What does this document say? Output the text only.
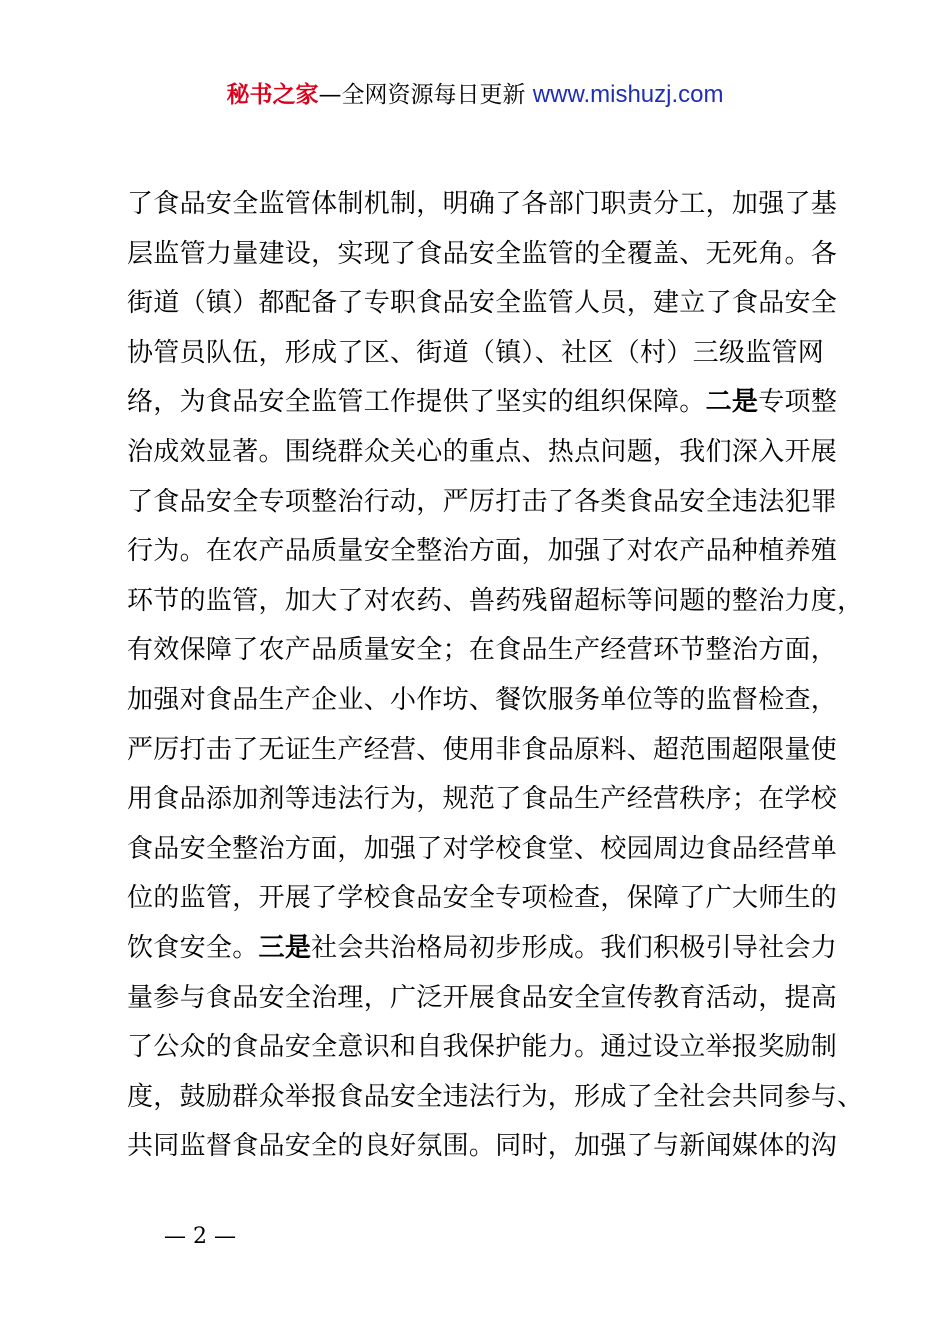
秘书之家—全网资源每日更新 www.mishuzj.com
了食品安全监管体制机制，明确了各部门职责分工，加强了基
层监管力量建设，实现了食品安全监管的全覆盖、无死角。各
街道（镇）都配备了专职食品安全监管人员，建立了食品安全
协管员队伍，形成了区、街道（镇）、社区（村）三级监管网
络，为食品安全监管工作提供了坚实的组织保障。二是专项整
治成效显著。围绕群众关心的重点、热点问题，我们深入开展
了食品安全专项整治行动，严厉打击了各类食品安全违法犯罪
行为。在农产品质量安全整治方面，加强了对农产品种植养殖
环节的监管，加大了对农药、兽药残留超标等问题的整治力度，
有效保障了农产品质量安全；在食品生产经营环节整治方面，
加强对食品生产企业、小作坊、餐饮服务单位等的监督检查，
严厉打击了无证生产经营、使用非食品原料、超范围超限量使
用食品添加剂等违法行为，规范了食品生产经营秩序；在学校
食品安全整治方面，加强了对学校食堂、校园周边食品经营单
位的监管，开展了学校食品安全专项检查，保障了广大师生的
饮食安全。三是社会共治格局初步形成。我们积极引导社会力
量参与食品安全治理，广泛开展食品安全宣传教育活动，提高
了公众的食品安全意识和自我保护能力。通过设立举报奖励制
度，鼓励群众举报食品安全违法行为，形成了全社会共同参与、
共同监督食品安全的良好氛围。同时，加强了与新闻媒体的沟
— 2 —
